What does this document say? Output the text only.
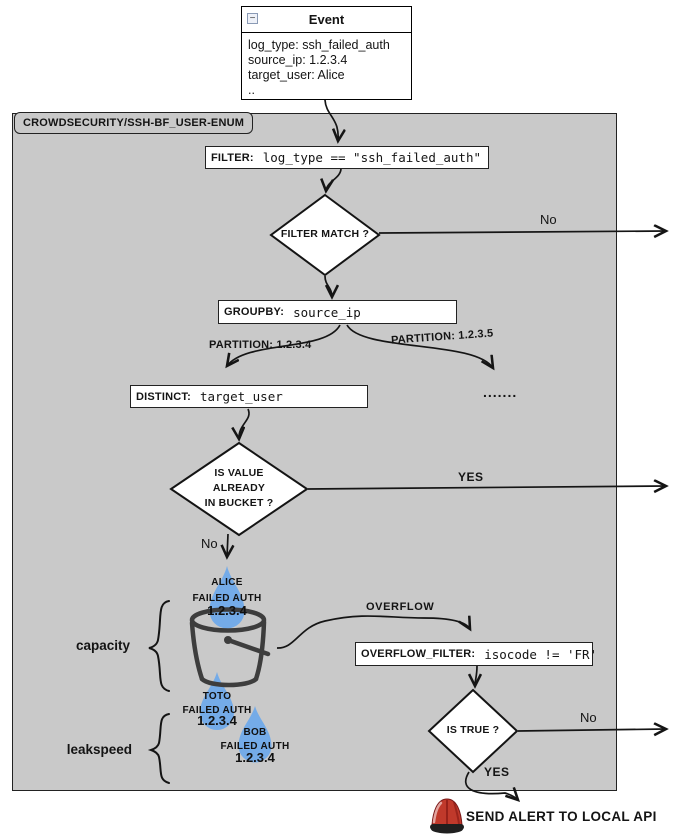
CROWDSECURITY/SSH-BF_USER-ENUM
−	Event
log_type: ssh_failed_auth
source_ip: 1.2.3.4
target_user: Alice
..
FILTER: log_type == "ssh_failed_auth"
GROUPBY: source_ip
DISTINCT: target_user
OVERFLOW_FILTER: isocode != 'FR'
FILTER MATCH ?
IS VALUE
ALREADY
IN BUCKET ?
IS TRUE ?
No
YES
No
OVERFLOW
No
YES
PARTITION: 1.2.3.4	PARTITION: 1.2.3.5
.......
capacity
leakspeed
ALICE
FAILED AUTH
1.2.3.4
TOTO
FAILED AUTH
1.2.3.4
BOB
FAILED AUTH
1.2.3.4
SEND ALERT TO LOCAL API
